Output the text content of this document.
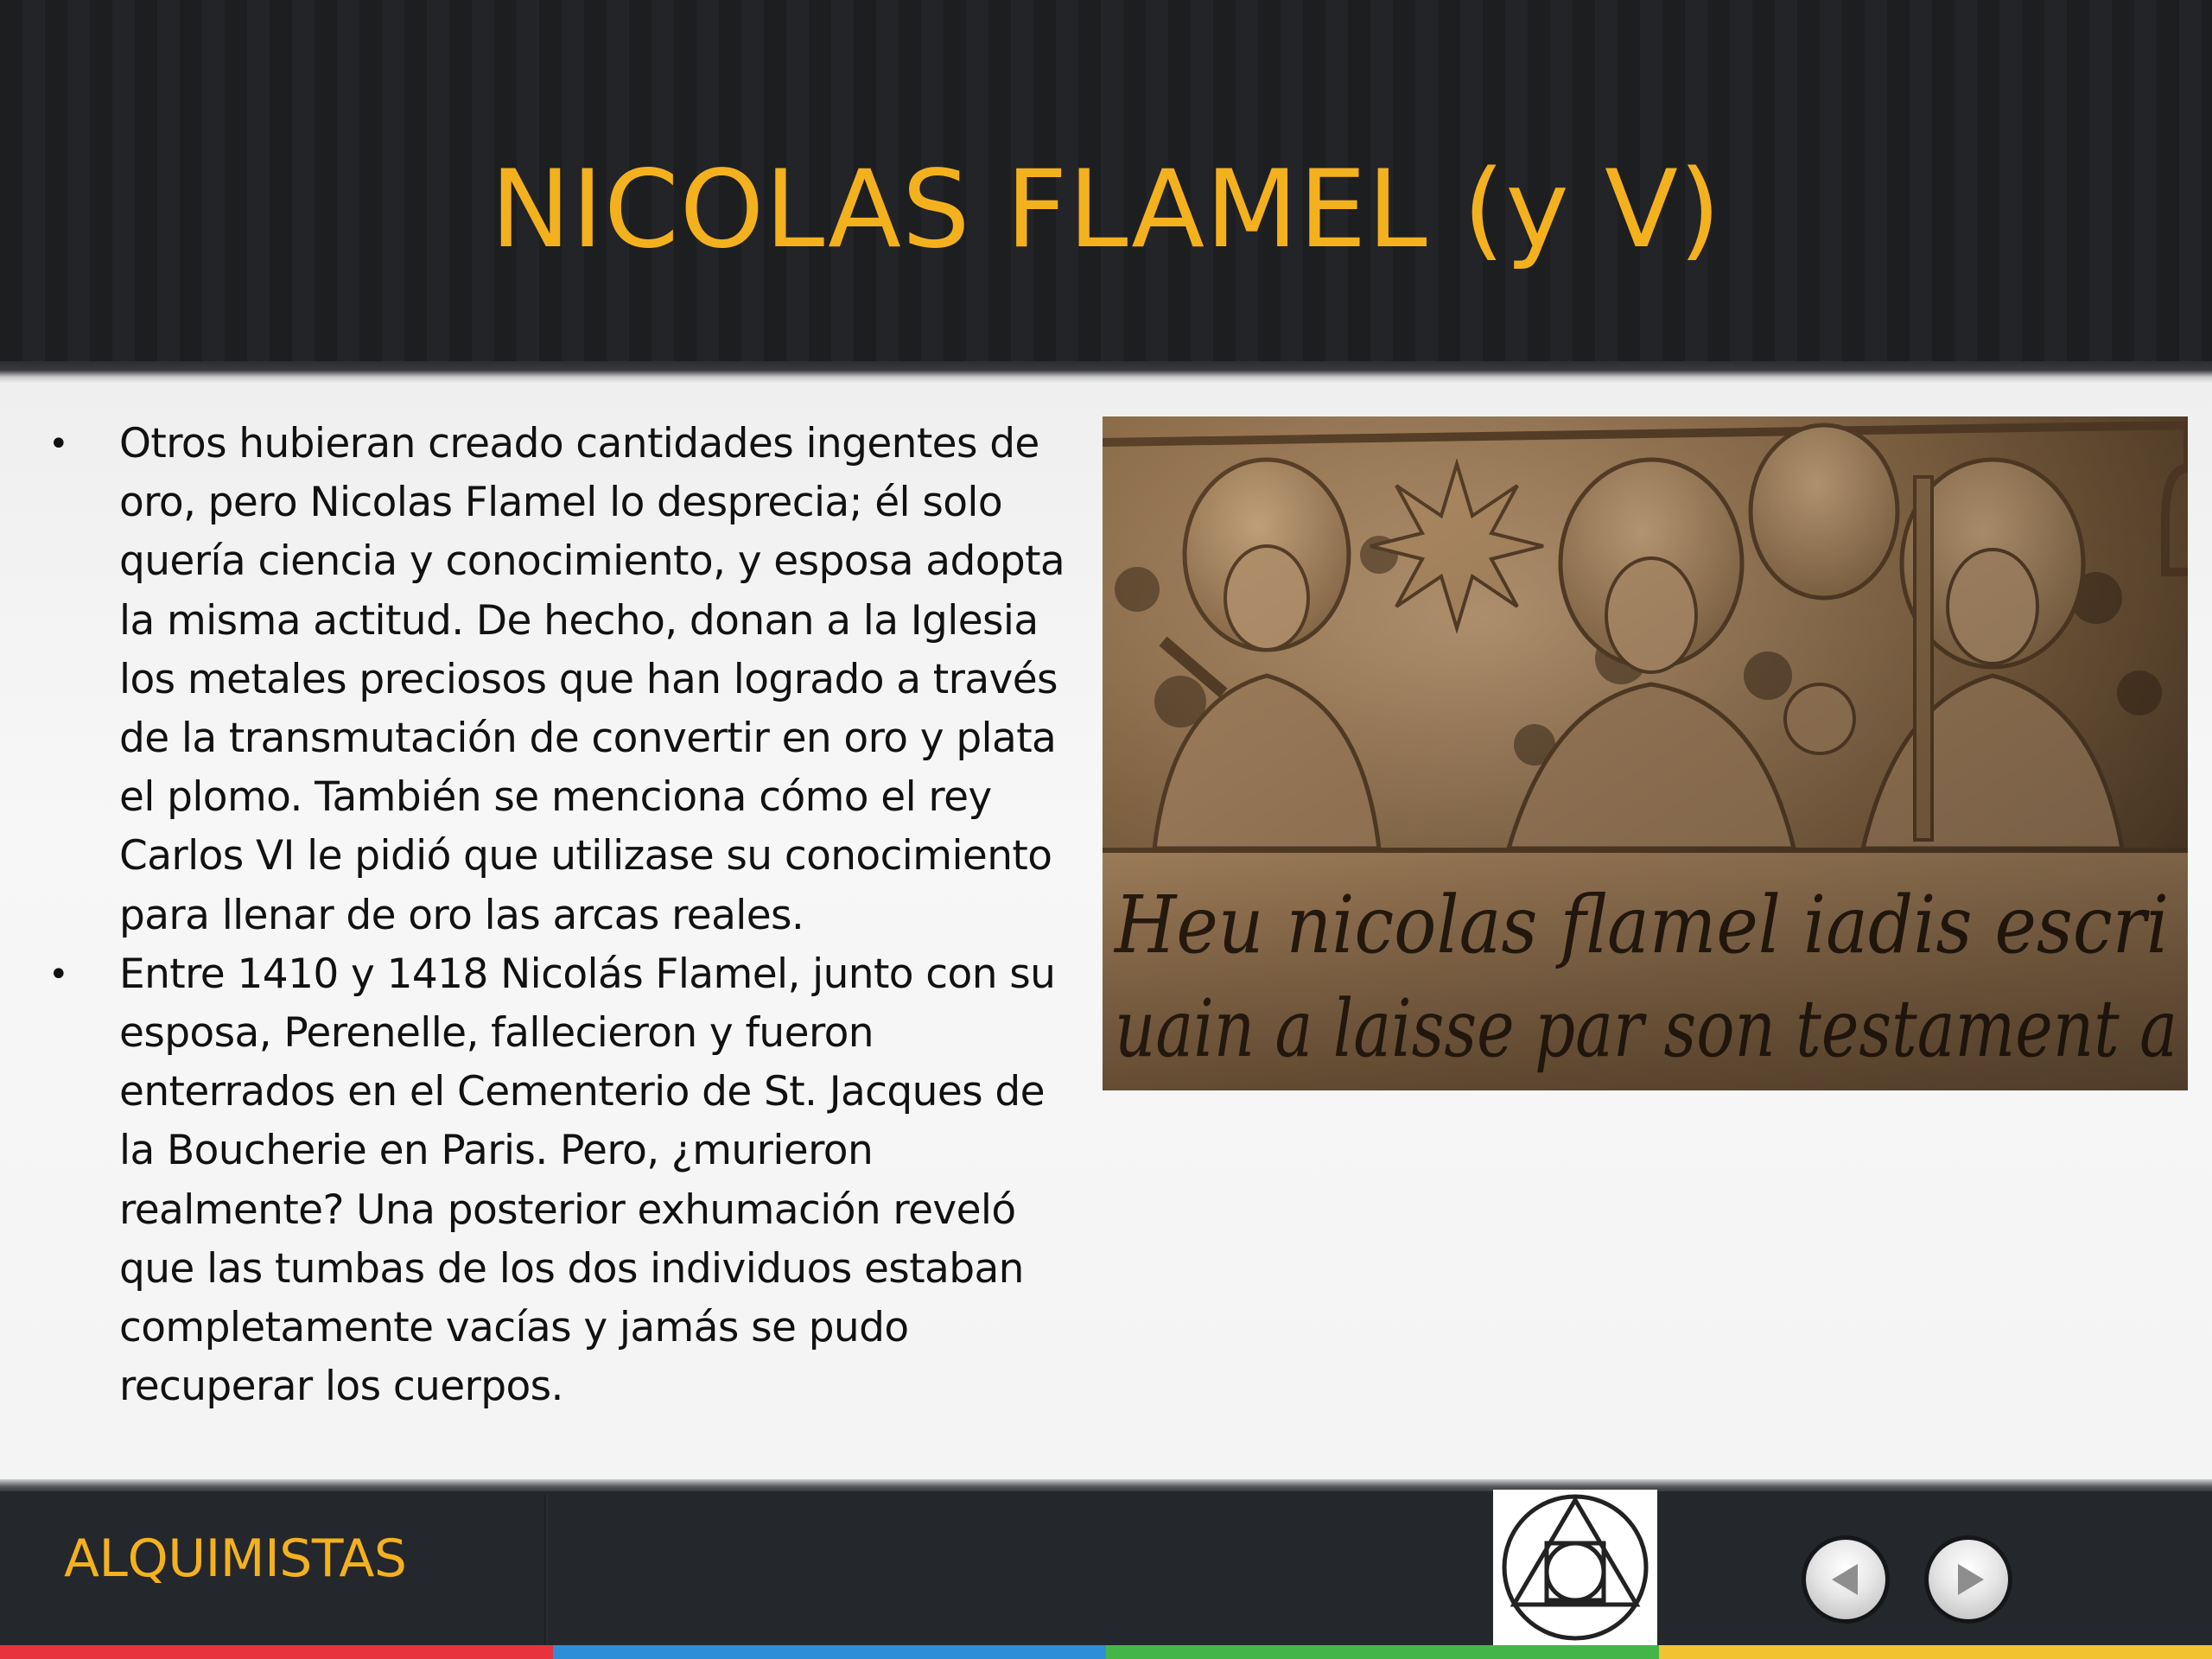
NICOLAS FLAMEL (y V)
• Otros hubieran creado cantidades ingentes de oro, pero Nicolas Flamel lo desprecia; él solo quería ciencia y conocimiento, y esposa adopta la misma actitud. De hecho, donan a la Iglesia los metales preciosos que han logrado a través de la transmutación de convertir en oro y plata el plomo. También se menciona cómo el rey Carlos VI le pidió que utilizase su conocimiento para llenar de oro las arcas reales.
• Entre 1410 y 1418 Nicolás Flamel, junto con su esposa, Perenelle, fallecieron y fueron enterrados en el Cementerio de St. Jacques de la Boucherie en Paris. Pero, ¿murieron realmente? Una posterior exhumación reveló que las tumbas de los dos individuos estaban completamente vacías y jamás se pudo recuperar los cuerpos.
ALQUIMISTAS
